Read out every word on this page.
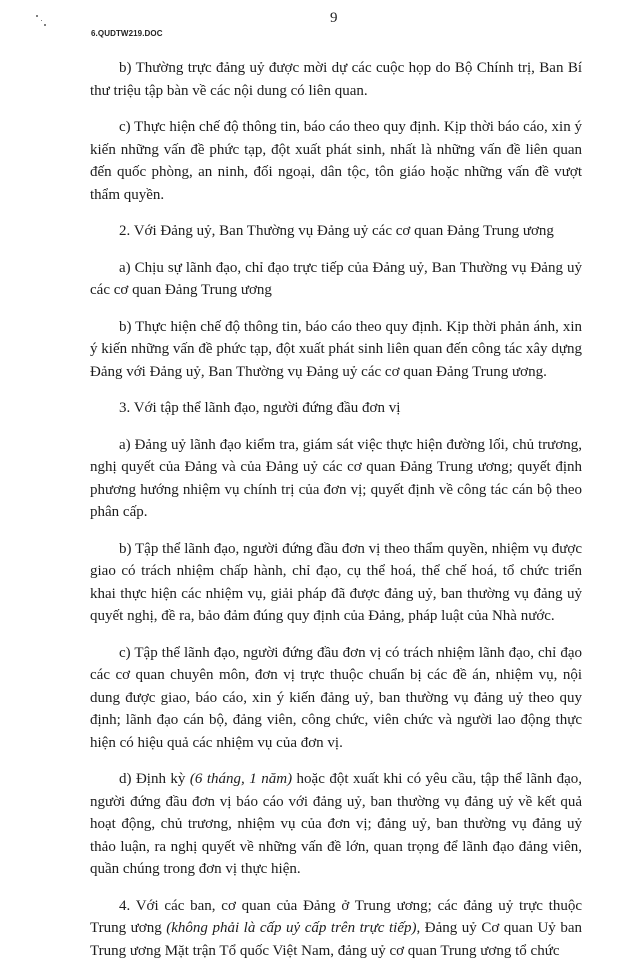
9
6.QUDTW219.DOC

b) Thường trực đảng uỷ được mời dự các cuộc họp do Bộ Chính trị, Ban Bí thư triệu tập bàn về các nội dung có liên quan.

c) Thực hiện chế độ thông tin, báo cáo theo quy định. Kịp thời báo cáo, xin ý kiến những vấn đề phức tạp, đột xuất phát sinh, nhất là những vấn đề liên quan đến quốc phòng, an ninh, đối ngoại, dân tộc, tôn giáo hoặc những vấn đề vượt thẩm quyền.

2. Với Đảng uỷ, Ban Thường vụ Đảng uỷ các cơ quan Đảng Trung ương

a) Chịu sự lãnh đạo, chỉ đạo trực tiếp của Đảng uỷ, Ban Thường vụ Đảng uỷ các cơ quan Đảng Trung ương

b) Thực hiện chế độ thông tin, báo cáo theo quy định. Kịp thời phản ánh, xin ý kiến những vấn đề phức tạp, đột xuất phát sinh liên quan đến công tác xây dựng Đảng với Đảng uỷ, Ban Thường vụ Đảng uỷ các cơ quan Đảng Trung ương.

3. Với tập thể lãnh đạo, người đứng đầu đơn vị

a) Đảng uỷ lãnh đạo kiểm tra, giám sát việc thực hiện đường lối, chủ trương, nghị quyết của Đảng và của Đảng uỷ các cơ quan Đảng Trung ương; quyết định phương hướng nhiệm vụ chính trị của đơn vị; quyết định về công tác cán bộ theo phân cấp.

b) Tập thể lãnh đạo, người đứng đầu đơn vị theo thẩm quyền, nhiệm vụ được giao có trách nhiệm chấp hành, chỉ đạo, cụ thể hoá, thể chế hoá, tổ chức triển khai thực hiện các nhiệm vụ, giải pháp đã được đảng uỷ, ban thường vụ đảng uỷ quyết nghị, đề ra, bảo đảm đúng quy định của Đảng, pháp luật của Nhà nước.

c) Tập thể lãnh đạo, người đứng đầu đơn vị có trách nhiệm lãnh đạo, chỉ đạo các cơ quan chuyên môn, đơn vị trực thuộc chuẩn bị các đề án, nhiệm vụ, nội dung được giao, báo cáo, xin ý kiến đảng uỷ, ban thường vụ đảng uỷ theo quy định; lãnh đạo cán bộ, đảng viên, công chức, viên chức và người lao động thực hiện có hiệu quả các nhiệm vụ của đơn vị.

d) Định kỳ (6 tháng, 1 năm) hoặc đột xuất khi có yêu cầu, tập thể lãnh đạo, người đứng đầu đơn vị báo cáo với đảng uỷ, ban thường vụ đảng uỷ về kết quả hoạt động, chủ trương, nhiệm vụ của đơn vị; đảng uỷ, ban thường vụ đảng uỷ thảo luận, ra nghị quyết về những vấn đề lớn, quan trọng để lãnh đạo đảng viên, quần chúng trong đơn vị thực hiện.

4. Với các ban, cơ quan của Đảng ở Trung ương; các đảng uỷ trực thuộc Trung ương (không phải là cấp uỷ cấp trên trực tiếp), Đảng uỷ Cơ quan Uỷ ban Trung ương Mặt trận Tổ quốc Việt Nam, đảng uỷ cơ quan Trung ương tổ chức
